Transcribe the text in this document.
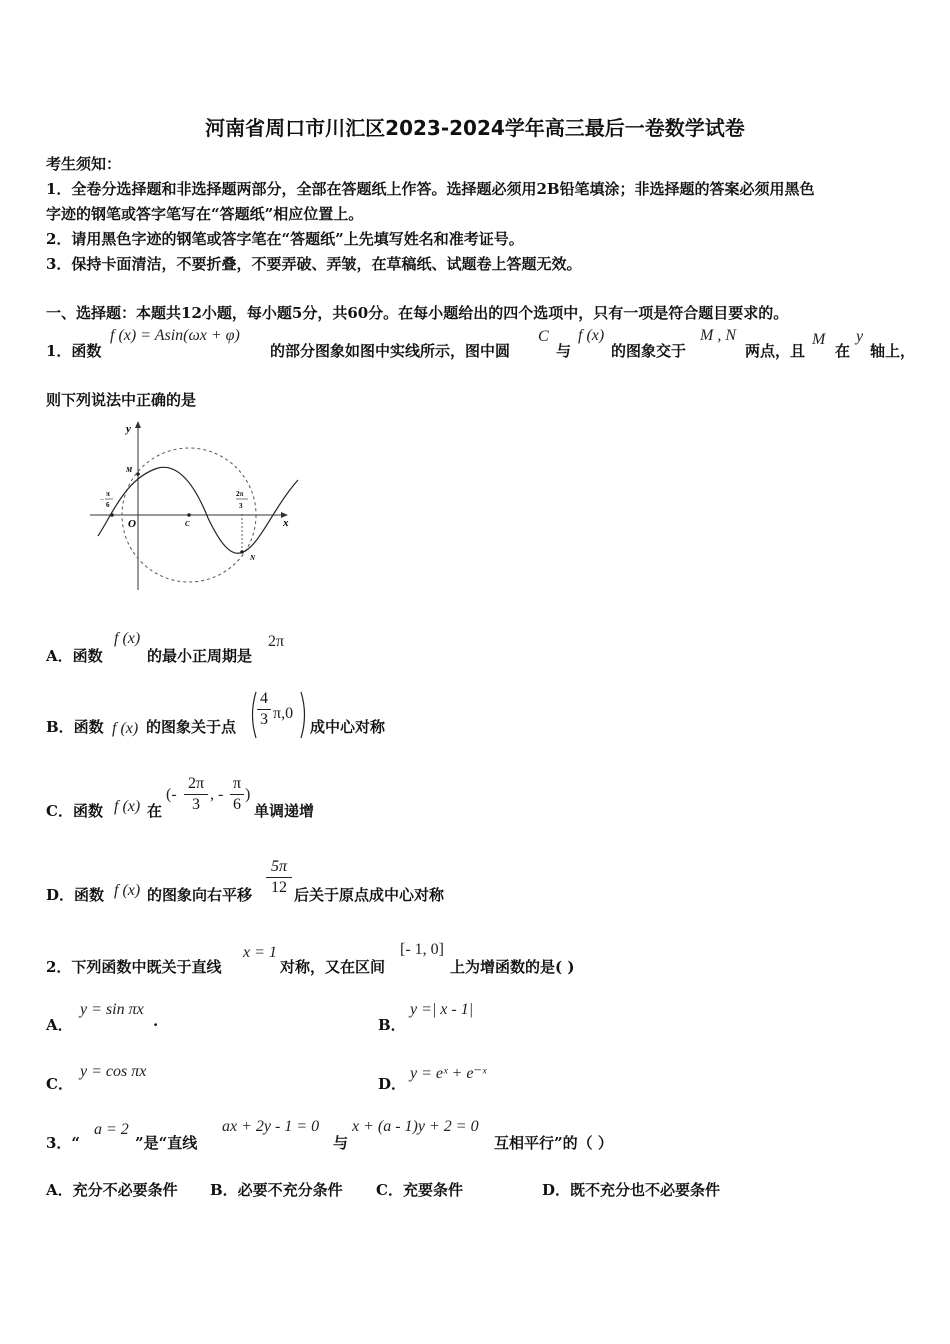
河南省周口市川汇区2023-2024学年高三最后一卷数学试卷
考生须知：
1．全卷分选择题和非选择题两部分，全部在答题纸上作答。选择题必须用2B铅笔填涂；非选择题的答案必须用黑色
字迹的钢笔或答字笔写在“答题纸”相应位置上。
2．请用黑色字迹的钢笔或答字笔在“答题纸”上先填写姓名和准考证号。
3．保持卡面清洁，不要折叠，不要弄破、弄皱，在草稿纸、试题卷上答题无效。
一、选择题：本题共12小题，每小题5分，共60分。在每小题给出的四个选项中，只有一项是符合题目要求的。
1．函数
f (x) = Asin(ωx + φ)
的部分图象如图中实线所示，图中圆
C
与
f (x)
的图象交于
M , N
两点，且
M
在
y
轴上，
则下列说法中正确的是
y
x
O
M
N
C
−
π
6
2π
3
A．函数
f (x)
的最小正周期是
2π
B．函数 f (x) 的图象关于点
4
3 π,0
成中心对称
C．函数 f (x) 在
(-
2π
3
, -
π
6
)
单调递增
D．函数 f (x) 的图象向右平移
5π
12 后关于原点成中心对称
2．下列函数中既关于直线
x = 1
对称，又在区间
[- 1, 0]
上为增函数的是( )
A．
y = sin πx
.	B．
y =| x - 1|
C．
y = cos πx
D．
y = eˣ + e⁻ˣ
3．“
a = 2
”是“直线
ax + 2y - 1 = 0
与
x + (a - 1)y + 2 = 0
互相平行”的（ ）
A．充分不必要条件 B．必要不充分条件 C．充要条件	D．既不充分也不必要条件
